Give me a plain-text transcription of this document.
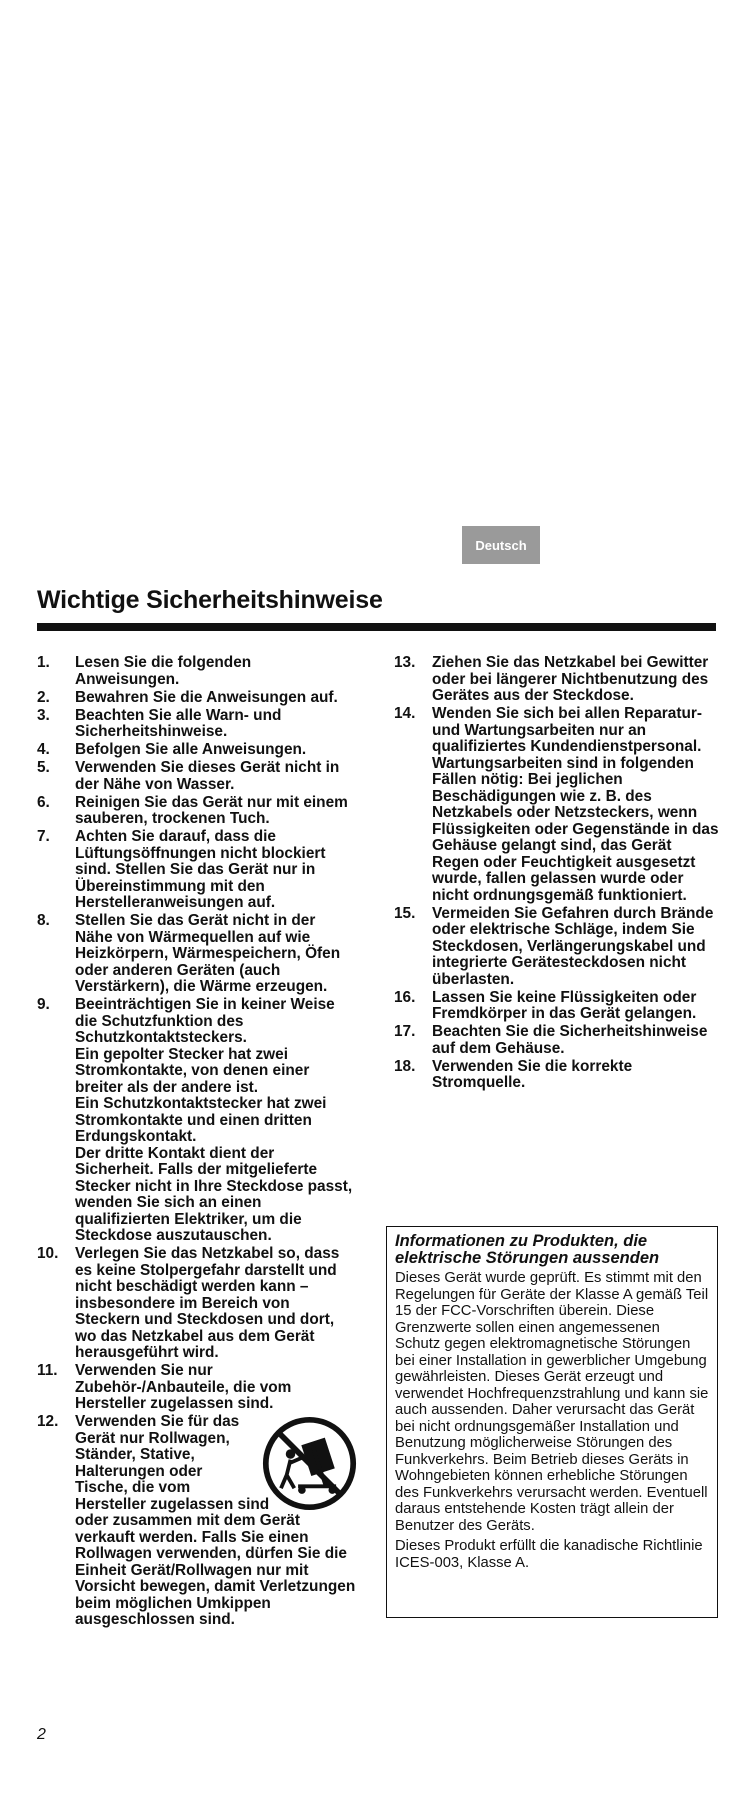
Deutsch
Wichtige Sicherheitshinweise
1. Lesen Sie die folgenden Anweisungen.
2. Bewahren Sie die Anweisungen auf.
3. Beachten Sie alle Warn- und Sicherheitshinweise.
4. Befolgen Sie alle Anweisungen.
5. Verwenden Sie dieses Gerät nicht in der Nähe von Wasser.
6. Reinigen Sie das Gerät nur mit einem sauberen, trockenen Tuch.
7. Achten Sie darauf, dass die Lüftungsöffnungen nicht blockiert sind. Stellen Sie das Gerät nur in Übereinstimmung mit den Herstelleranweisungen auf.
8. Stellen Sie das Gerät nicht in der Nähe von Wärmequellen auf wie Heizkörpern, Wärmespeichern, Öfen oder anderen Geräten (auch Verstärkern), die Wärme erzeugen.
9. Beeinträchtigen Sie in keiner Weise die Schutzfunktion des Schutzkontaktsteckers.
Ein gepolter Stecker hat zwei Stromkontakte, von denen einer breiter als der andere ist.
Ein Schutzkontaktstecker hat zwei Stromkontakte und einen dritten Erdungskontakt.
Der dritte Kontakt dient der Sicherheit. Falls der mitgelieferte Stecker nicht in Ihre Steckdose passt, wenden Sie sich an einen qualifizierten Elektriker, um die Steckdose auszutauschen.
10. Verlegen Sie das Netzkabel so, dass es keine Stolpergefahr darstellt und nicht beschädigt werden kann – insbesondere im Bereich von Steckern und Steckdosen und dort, wo das Netzkabel aus dem Gerät herausgeführt wird.
11. Verwenden Sie nur Zubehör-/Anbauteile, die vom Hersteller zugelassen sind.
12. Verwenden Sie für das Gerät nur Rollwagen, Ständer, Stative, Halterungen oder Tische, die vom Hersteller zugelassen sind oder zusammen mit dem Gerät verkauft werden. Falls Sie einen Rollwagen verwenden, dürfen Sie die Einheit Gerät/Rollwagen nur mit Vorsicht bewegen, damit Verletzungen beim möglichen Umkippen ausgeschlossen sind.
13. Ziehen Sie das Netzkabel bei Gewitter oder bei längerer Nichtbenutzung des Gerätes aus der Steckdose.
14. Wenden Sie sich bei allen Reparatur- und Wartungsarbeiten nur an qualifiziertes Kundendienstpersonal. Wartungsarbeiten sind in folgenden Fällen nötig: Bei jeglichen Beschädigungen wie z. B. des Netzkabels oder Netzsteckers, wenn Flüssigkeiten oder Gegenstände in das Gehäuse gelangt sind, das Gerät Regen oder Feuchtigkeit ausgesetzt wurde, fallen gelassen wurde oder nicht ordnungsgemäß funktioniert.
15. Vermeiden Sie Gefahren durch Brände oder elektrische Schläge, indem Sie Steckdosen, Verlängerungskabel und integrierte Gerätesteckdosen nicht überlasten.
16. Lassen Sie keine Flüssigkeiten oder Fremdkörper in das Gerät gelangen.
17. Beachten Sie die Sicherheitshinweise auf dem Gehäuse.
18. Verwenden Sie die korrekte Stromquelle.
Informationen zu Produkten, die elektrische Störungen aussenden

Dieses Gerät wurde geprüft. Es stimmt mit den Regelungen für Geräte der Klasse A gemäß Teil 15 der FCC-Vorschriften überein. Diese Grenzwerte sollen einen angemessenen Schutz gegen elektromagnetische Störungen bei einer Installation in gewerblicher Umgebung gewährleisten. Dieses Gerät erzeugt und verwendet Hochfrequenzstrahlung und kann sie auch aussenden. Daher verursacht das Gerät bei nicht ordnungsgemäßer Installation und Benutzung möglicherweise Störungen des Funkverkehrs. Beim Betrieb dieses Geräts in Wohngebieten können erhebliche Störungen des Funkverkehrs verursacht werden. Eventuell daraus entstehende Kosten trägt allein der Benutzer des Geräts.

Dieses Produkt erfüllt die kanadische Richtlinie ICES-003, Klasse A.

2
